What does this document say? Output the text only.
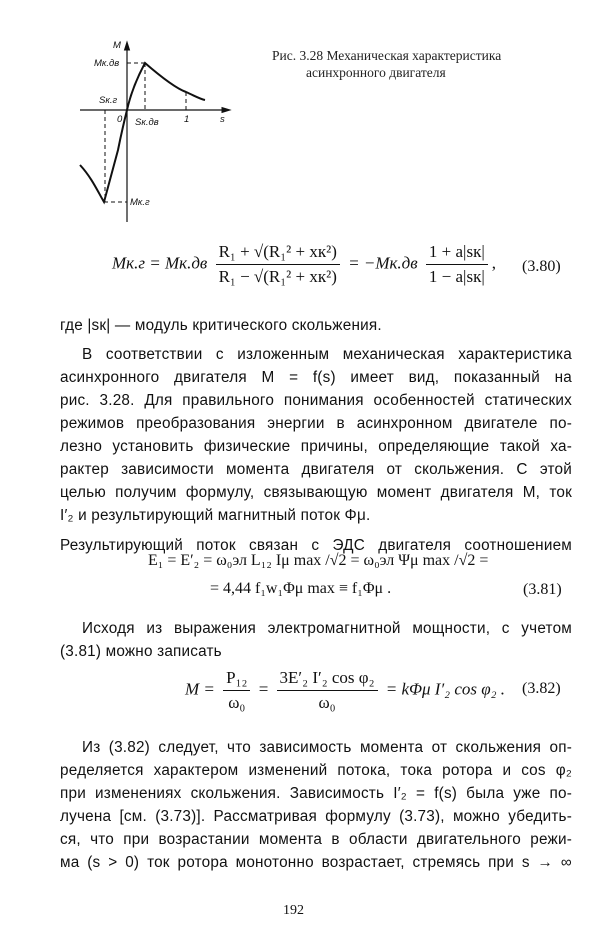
M
Mк.дв
Sк.г
0 Sк.дв	1	s
Mк.г
Рис. 3.28 Механическая характеристика
асинхронного двигателя
$Mк.г = Mк.дв \frac{\text{R₁ + √(R₁² + xк²)}}{\text{R₁ − √(R₁² + xк²)}} = -Mк.дв \frac{1 + a|sк|}{1 - a|sк|}$ , (3.80)
где |sк| — модуль критического скольжения.
В соответствии с изложенным механическая характеристика
асинхронного двигателя M = f(s) имеет вид, показанный на
рис. 3.28. Для правильного понимания особенностей статических
режимов преобразования энергии в асинхронном двигателе по-
лезно установить физические причины, определяющие такой ха-
рактер зависимости момента двигателя от скольжения. С этой
целью получим формулу, связывающую момент двигателя M, ток
I′₂ и результирующий магнитный поток Φμ.
Результирующий поток связан с ЭДС двигателя соотношением
E₁ = E′₂ = ω₀эл L₁₂ Iμ max /√2 = ω₀эл Ψμ max /√2 =
= 4,44 f₁w₁Φμ max ≡ f₁Φμ .	(3.81)
Исходя из выражения электромагнитной мощности, с учетом
(3.81) можно записать
$M = \frac{\text{P₁₂}}{\text{ω₀}} = \frac{\text{3E′₂ I′₂ cos φ₂}}{\text{ω₀}} = k\Phi\mu$ I′₂ cos φ₂ . (3.82)
Из (3.82) следует, что зависимость момента от скольжения оп-
ределяется характером изменений потока, тока ротора и cos φ₂
при изменениях скольжения. Зависимость I′₂ = f(s) была уже по-
лучена [см. (3.73)]. Рассматривая формулу (3.73), можно убедить-
ся, что при возрастании момента в области двигательного режи-
ма (s > 0) ток ротора монотонно возрастает, стремясь при s → ∞
192
